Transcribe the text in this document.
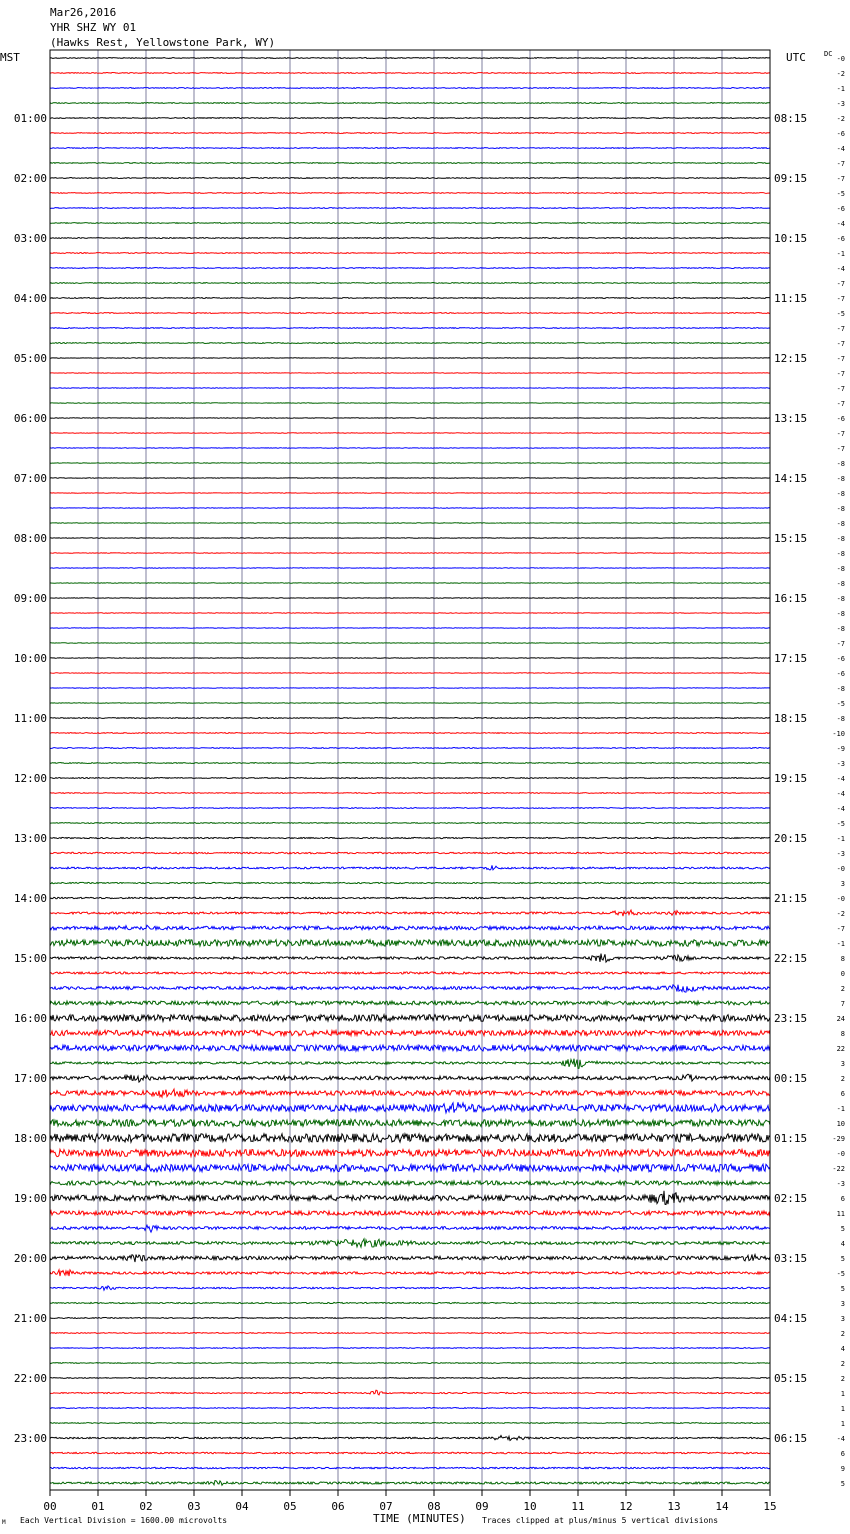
Mar26,2016
YHR SHZ WY 01
(Hawks Rest, Yellowstone Park, WY)
MST	UTC	DC
01:00
02:00
03:00
04:00
05:00
06:00
07:00
08:00
09:00
10:00
11:00
12:00
13:00
14:00
15:00
16:00
17:00
18:00
19:00
20:00
21:00
22:00
23:00
08:15
09:15
10:15
11:15
12:15
13:15
14:15
15:15
16:15
17:15
18:15
19:15
20:15
21:15
22:15
23:15
00:15
01:15
02:15
03:15
04:15
05:15
06:15
-0
-2
-1
-3
-2
-6
-4
-7
-7
-5
-6
-4
-6
-1
-4
-7
-7
-5
-7
-7
-7
-7
-7
-7
-6
-7
-7
-8
-8
-8
-8
-8
-8
-8
-8
-8
-8
-8
-8
-7
-6
-6
-8
-5
-8
-10
-9
-3
-4
-4
-4
-5
-1
-3
-0
3
-0
-2
-7
-1
8
0
2
7
24
8
22
3
2
6
-1
10
-29
-0
-22
-3
6
11
5
4
5
-5
5
3
3
2
4
2
2
1
1
1
-4
6
9
5
00	01	02	03	04	05	06	07	08	09	10	11	12	13	14	15
M Each Vertical Division = 1600.00 microvolts	TIME (MINUTES) Traces clipped at plus/minus 5 vertical divisions
